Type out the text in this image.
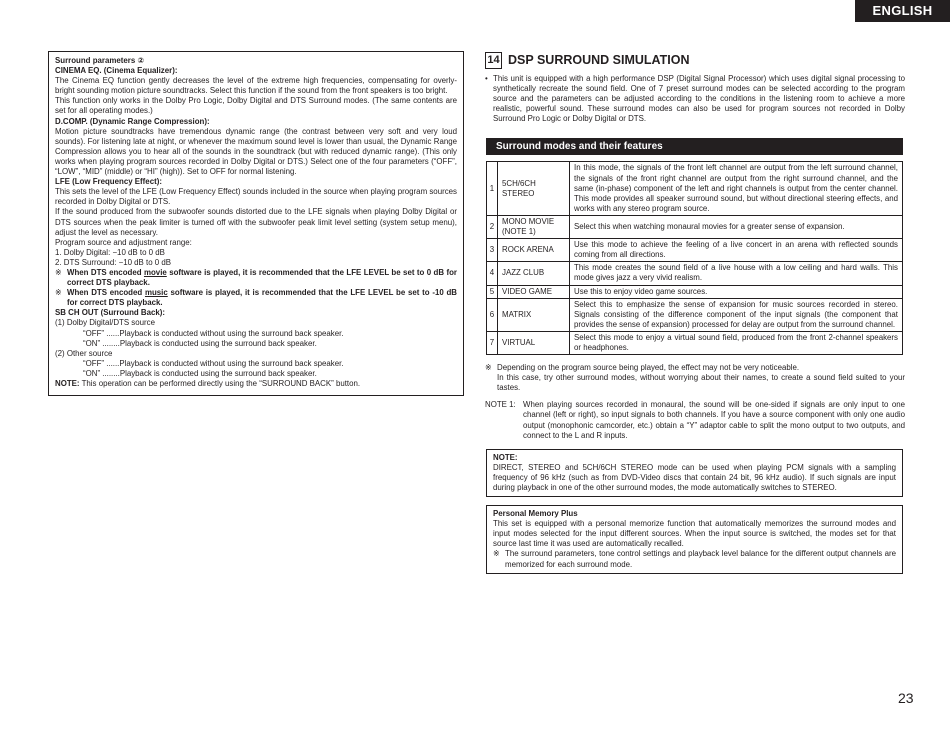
ENGLISH

Surround parameters ②

CINEMA EQ. (Cinema Equalizer):

The Cinema EQ function gently decreases the level of the extreme high frequencies, compensating for overly-bright sounding motion picture soundtracks. Select this function if the sound from the front speakers is too bright.

This function only works in the Dolby Pro Logic, Dolby Digital and DTS Surround modes. (The same contents are set for all operating modes.)

D.COMP. (Dynamic Range Compression):

Motion picture soundtracks have tremendous dynamic range (the contrast between very soft and very loud sounds). For listening late at night, or whenever the maximum sound level is lower than usual, the Dynamic Range Compression allows you to hear all of the sounds in the soundtrack (but with reduced dynamic range). (This only works when playing program sources recorded in Dolby Digital or DTS.) Select one of the four parameters (“OFF”, “LOW”, “MID” (middle) or “HI” (high)). Set to OFF for normal listening.

LFE (Low Frequency Effect):

This sets the level of the LFE (Low Frequency Effect) sounds included in the source when playing program sources recorded in Dolby Digital or DTS.

If the sound produced from the subwoofer sounds distorted due to the LFE signals when playing Dolby Digital or DTS sources when the peak limiter is turned off with the subwoofer peak limit level setting (system setup menu), adjust the level as necessary.

Program source and adjustment range:

1. Dolby Digital: −10 dB to 0 dB

2. DTS Surround: −10 dB to 0 dB

※ When DTS encoded movie software is played, it is recommended that the LFE LEVEL be set to 0 dB for correct DTS playback.
※ When DTS encoded music software is played, it is recommended that the LFE LEVEL be set to -10 dB for correct DTS playback.

SB CH OUT (Surround Back):

(1) Dolby Digital/DTS source

“OFF” ......Playback is conducted without using the surround back speaker.

“ON” ........Playback is conducted using the surround back speaker.

(2) Other source

“OFF” ......Playback is conducted without using the surround back speaker.

“ON” ........Playback is conducted using the surround back speaker.

NOTE: This operation can be performed directly using the “SURROUND BACK” button.

14 DSP SURROUND SIMULATION
• This unit is equipped with a high performance DSP (Digital Signal Processor) which uses digital signal processing to synthetically recreate the sound field. One of 7 preset surround modes can be selected according to the program source and the parameters can be adjusted according to the conditions in the listening room to achieve a more realistic, powerful sound. These surround modes can also be used for program sources not recorded in Dolby Surround Pro Logic or Dolby Digital or DTS.
Surround modes and their features
1	5CH/6CH STEREO	In this mode, the signals of the front left channel are output from the left surround channel, the signals of the front right channel are output from the right surround channel, and the same (in-phase) component of the left and right channels is output from the center channel. This mode provides all speaker surround sound, but without directional steering effects, and works with any stereo program source.
2	MONO MOVIE (NOTE 1)	Select this when watching monaural movies for a greater sense of expansion.
3	ROCK ARENA	Use this mode to achieve the feeling of a live concert in an arena with reflected sounds coming from all directions.
4	JAZZ CLUB	This mode creates the sound field of a live house with a low ceiling and hard walls. This mode gives jazz a very vivid realism.
5	VIDEO GAME	Use this to enjoy video game sources.
6	MATRIX	Select this to emphasize the sense of expansion for music sources recorded in stereo. Signals consisting of the difference component of the input signals (the component that provides the sense of expansion) processed for delay are output from the surround channel.
7	VIRTUAL	Select this mode to enjoy a virtual sound field, produced from the front 2-channel speakers or headphones.
※ Depending on the program source being played, the effect may not be very noticeable.
In this case, try other surround modes, without worrying about their names, to create a sound field suited to your tastes.
NOTE 1: When playing sources recorded in monaural, the sound will be one-sided if signals are only input to one channel (left or right), so input signals to both channels. If you have a source component with only one audio output (monophonic camcorder, etc.) obtain a “Y” adaptor cable to split the mono output to two outputs, and connect to the L and R inputs.
NOTE:
DIRECT, STEREO and 5CH/6CH STEREO mode can be used when playing PCM signals with a sampling frequency of 96 kHz (such as from DVD-Video discs that contain 24 bit, 96 kHz audio). If such signals are input during playback in one of the other surround modes, the mode automatically switches to STEREO.
Personal Memory Plus
This set is equipped with a personal memorize function that automatically memorizes the surround modes and input modes selected for the input different sources. When the input source is switched, the modes set for that source last time it was used are automatically recalled.
※ The surround parameters, tone control settings and playback level balance for the different output channels are memorized for each surround mode.
23
